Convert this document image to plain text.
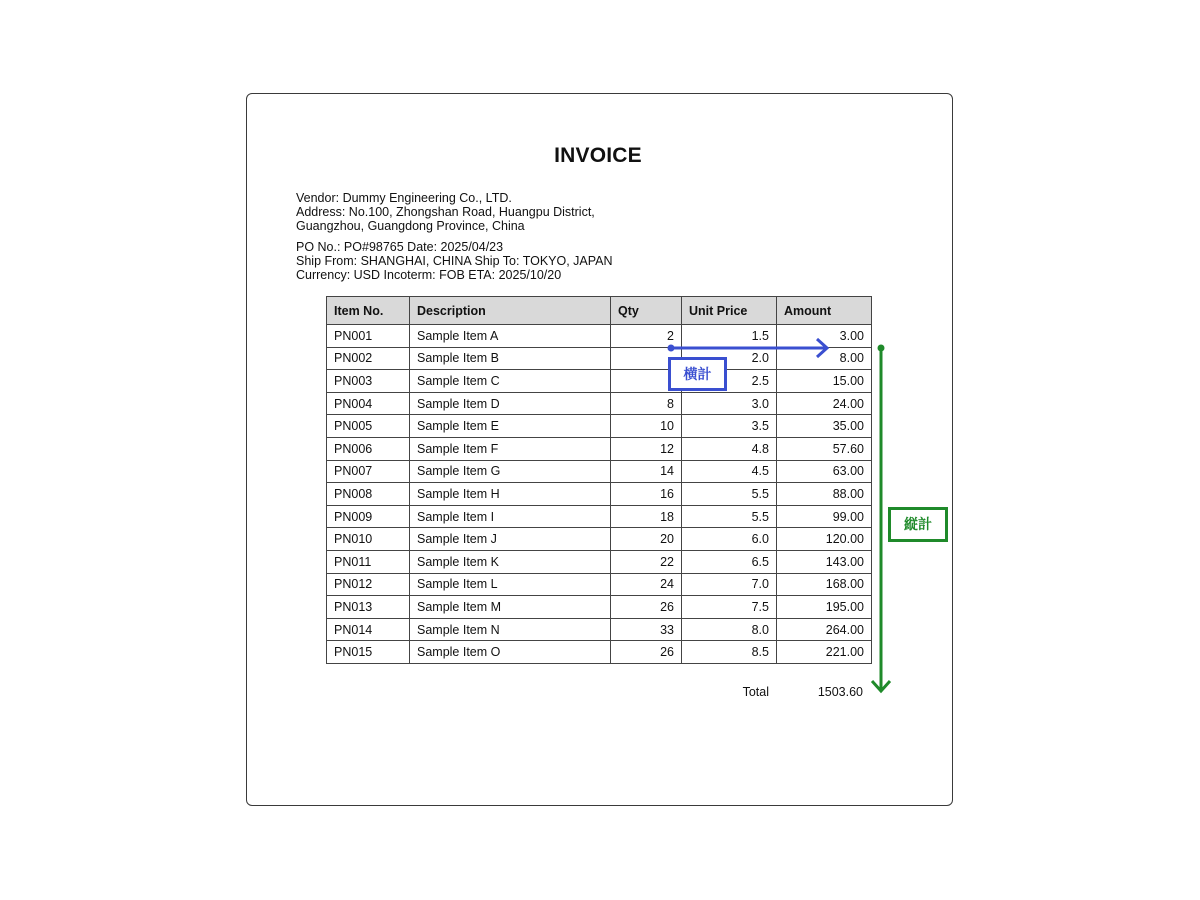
INVOICE
Vendor: Dummy Engineering Co., LTD.
Address: No.100, Zhongshan Road, Huangpu District,
Guangzhou, Guangdong Province, China
PO No.: PO#98765 Date: 2025/04/23
Ship From: SHANGHAI, CHINA Ship To: TOKYO, JAPAN
Currency: USD Incoterm: FOB ETA: 2025/10/20
Item No.	Description	Qty	Unit Price	Amount
PN001	Sample Item A	2	1.5	3.00
PN002	Sample Item B		2.0	8.00
PN003	Sample Item C		2.5	15.00
PN004	Sample Item D	8	3.0	24.00
PN005	Sample Item E	10	3.5	35.00
PN006	Sample Item F	12	4.8	57.60
PN007	Sample Item G	14	4.5	63.00
PN008	Sample Item H	16	5.5	88.00
PN009	Sample Item I	18	5.5	99.00
PN010	Sample Item J	20	6.0	120.00
PN011	Sample Item K	22	6.5	143.00
PN012	Sample Item L	24	7.0	168.00
PN013	Sample Item M	26	7.5	195.00
PN014	Sample Item N	33	8.0	264.00
PN015	Sample Item O	26	8.5	221.00
Total	1503.60
横計
縦計
